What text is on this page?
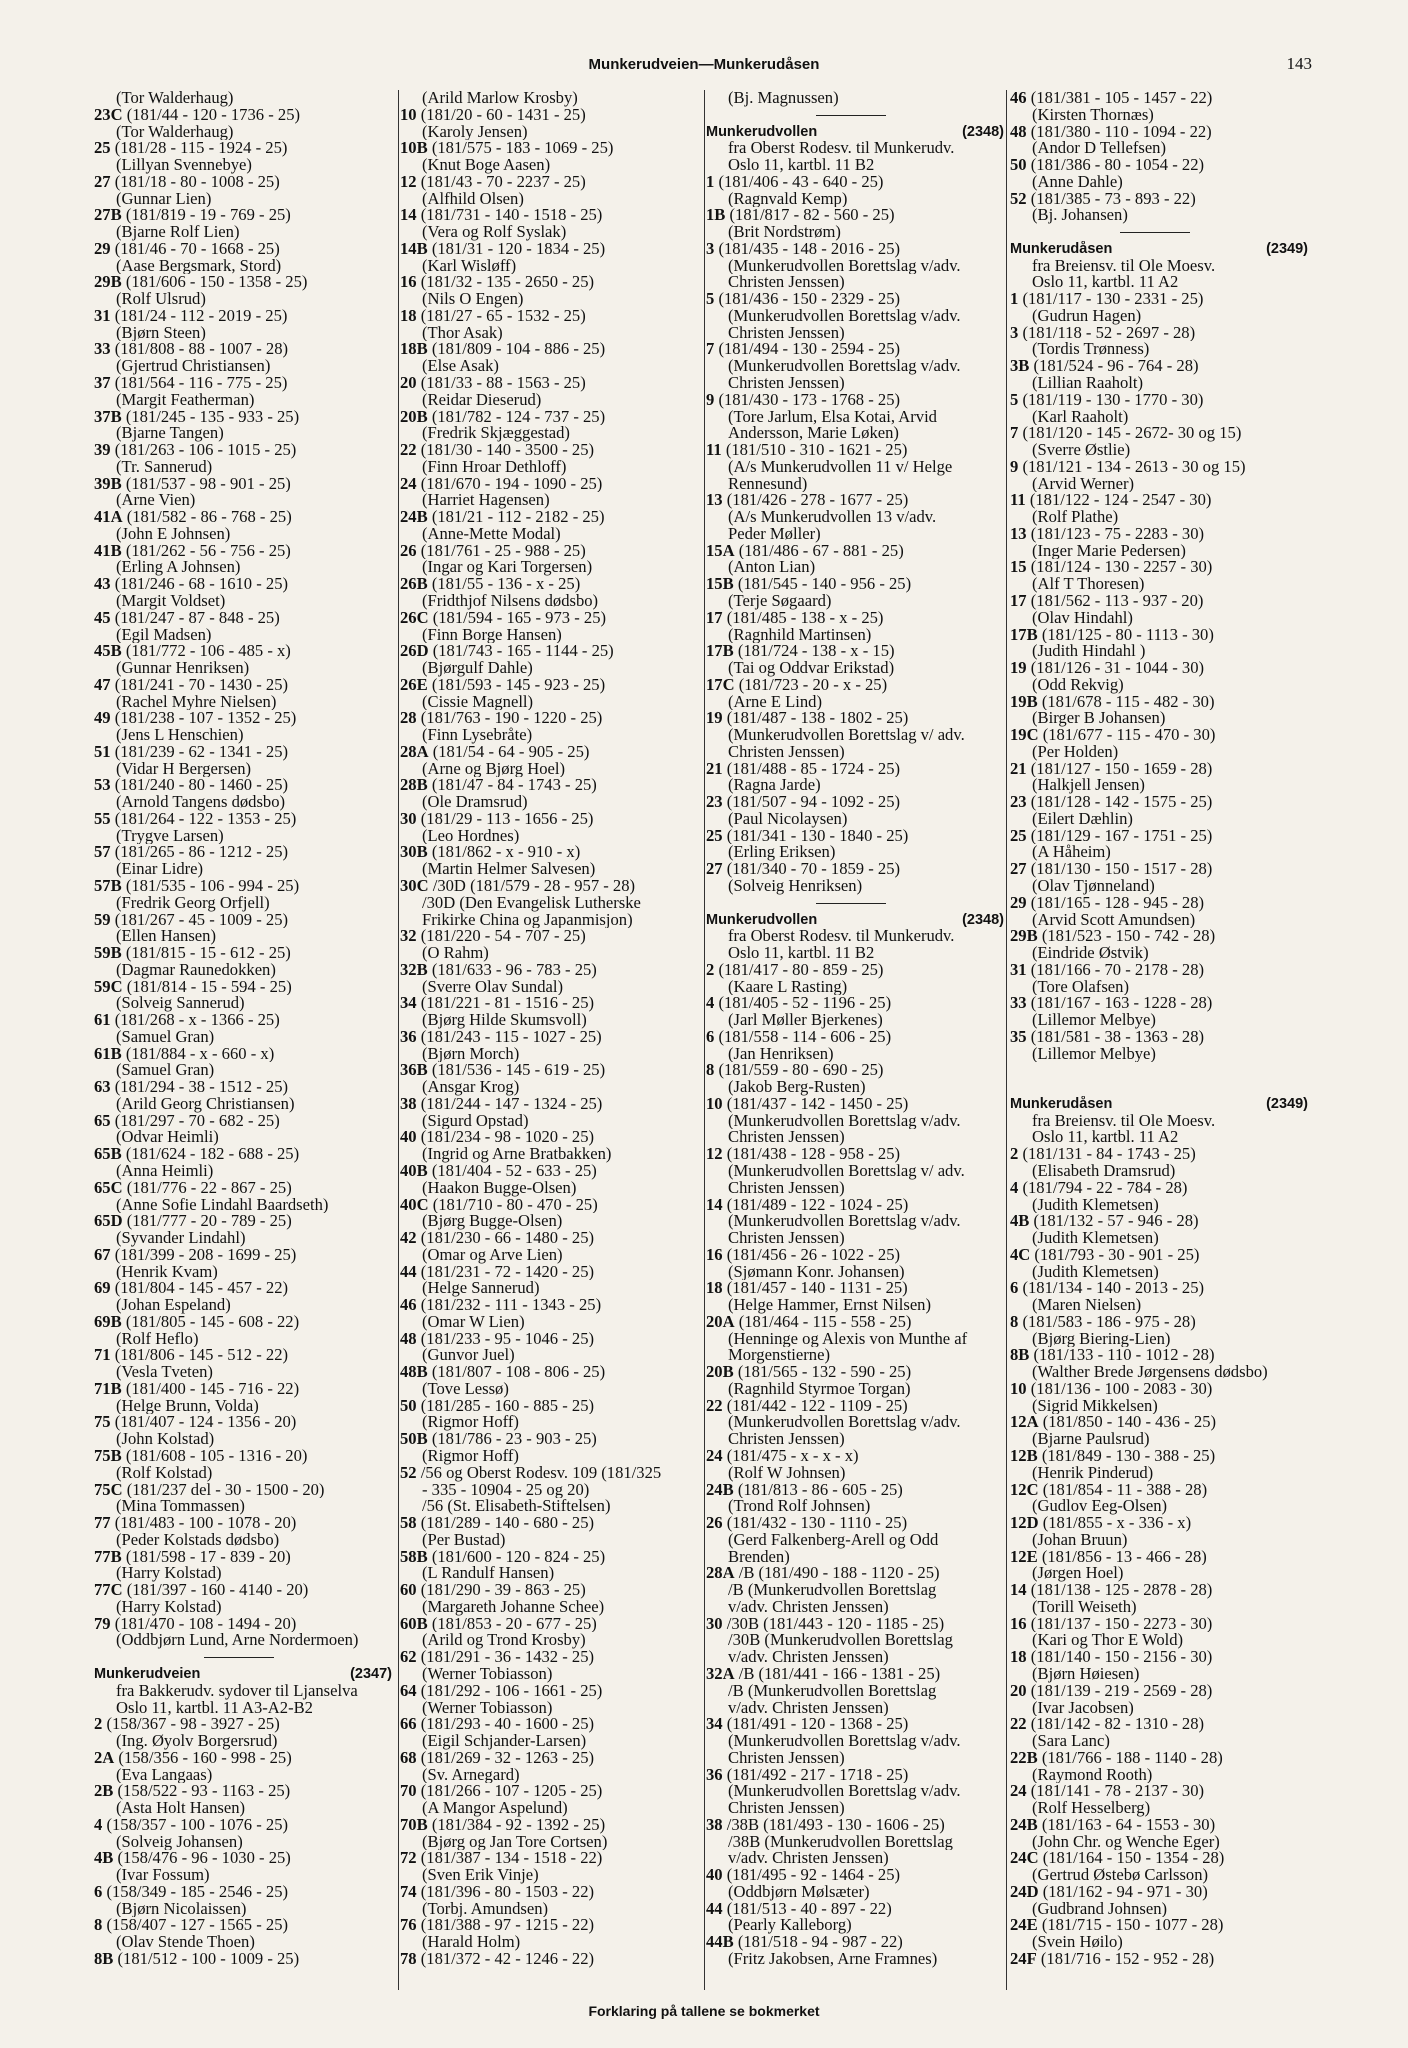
Munkerudveien—Munkerudåsen	143
(Tor Walderhaug)
23C (181/44 - 120 - 1736 - 25)
(Tor Walderhaug)
25 (181/28 - 115 - 1924 - 25)
(Lillyan Svennebye)
27 (181/18 - 80 - 1008 - 25)
(Gunnar Lien)
27B (181/819 - 19 - 769 - 25)
(Bjarne Rolf Lien)
29 (181/46 - 70 - 1668 - 25)
(Aase Bergsmark, Stord)
29B (181/606 - 150 - 1358 - 25)
(Rolf Ulsrud)
31 (181/24 - 112 - 2019 - 25)
(Bjørn Steen)
33 (181/808 - 88 - 1007 - 28)
(Gjertrud Christiansen)
37 (181/564 - 116 - 775 - 25)
(Margit Featherman)
37B (181/245 - 135 - 933 - 25)
(Bjarne Tangen)
39 (181/263 - 106 - 1015 - 25)
(Tr. Sannerud)
39B (181/537 - 98 - 901 - 25)
(Arne Vien)
41A (181/582 - 86 - 768 - 25)
(John E Johnsen)
41B (181/262 - 56 - 756 - 25)
(Erling A Johnsen)
43 (181/246 - 68 - 1610 - 25)
(Margit Voldset)
45 (181/247 - 87 - 848 - 25)
(Egil Madsen)
45B (181/772 - 106 - 485 - x)
(Gunnar Henriksen)
47 (181/241 - 70 - 1430 - 25)
(Rachel Myhre Nielsen)
49 (181/238 - 107 - 1352 - 25)
(Jens L Henschien)
51 (181/239 - 62 - 1341 - 25)
(Vidar H Bergersen)
53 (181/240 - 80 - 1460 - 25)
(Arnold Tangens dødsbo)
55 (181/264 - 122 - 1353 - 25)
(Trygve Larsen)
57 (181/265 - 86 - 1212 - 25)
(Einar Lidre)
57B (181/535 - 106 - 994 - 25)
(Fredrik Georg Orfjell)
59 (181/267 - 45 - 1009 - 25)
(Ellen Hansen)
59B (181/815 - 15 - 612 - 25)
(Dagmar Raunedokken)
59C (181/814 - 15 - 594 - 25)
(Solveig Sannerud)
61 (181/268 - x - 1366 - 25)
(Samuel Gran)
61B (181/884 - x - 660 - x)
(Samuel Gran)
63 (181/294 - 38 - 1512 - 25)
(Arild Georg Christiansen)
65 (181/297 - 70 - 682 - 25)
(Odvar Heimli)
65B (181/624 - 182 - 688 - 25)
(Anna Heimli)
65C (181/776 - 22 - 867 - 25)
(Anne Sofie Lindahl Baardseth)
65D (181/777 - 20 - 789 - 25)
(Syvander Lindahl)
67 (181/399 - 208 - 1699 - 25)
(Henrik Kvam)
69 (181/804 - 145 - 457 - 22)
(Johan Espeland)
69B (181/805 - 145 - 608 - 22)
(Rolf Heflo)
71 (181/806 - 145 - 512 - 22)
(Vesla Tveten)
71B (181/400 - 145 - 716 - 22)
(Helge Brunn, Volda)
75 (181/407 - 124 - 1356 - 20)
(John Kolstad)
75B (181/608 - 105 - 1316 - 20)
(Rolf Kolstad)
75C (181/237 del - 30 - 1500 - 20)
(Mina Tommassen)
77 (181/483 - 100 - 1078 - 20)
(Peder Kolstads dødsbo)
77B (181/598 - 17 - 839 - 20)
(Harry Kolstad)
77C (181/397 - 160 - 4140 - 20)
(Harry Kolstad)
79 (181/470 - 108 - 1494 - 20)
(Oddbjørn Lund, Arne Nordermoen)
Munkerudveien	(2347)
fra Bakkerudv. sydover til Ljanselva
Oslo 11, kartbl. 11 A3-A2-B2
2 (158/367 - 98 - 3927 - 25)
(Ing. Øyolv Borgersrud)
2A (158/356 - 160 - 998 - 25)
(Eva Langaas)
2B (158/522 - 93 - 1163 - 25)
(Asta Holt Hansen)
4 (158/357 - 100 - 1076 - 25)
(Solveig Johansen)
4B (158/476 - 96 - 1030 - 25)
(Ivar Fossum)
6 (158/349 - 185 - 2546 - 25)
(Bjørn Nicolaissen)
8 (158/407 - 127 - 1565 - 25)
(Olav Stende Thoen)
8B (181/512 - 100 - 1009 - 25)
(Arild Marlow Krosby)
10 (181/20 - 60 - 1431 - 25)
(Karoly Jensen)
10B (181/575 - 183 - 1069 - 25)
(Knut Boge Aasen)
12 (181/43 - 70 - 2237 - 25)
(Alfhild Olsen)
14 (181/731 - 140 - 1518 - 25)
(Vera og Rolf Syslak)
14B (181/31 - 120 - 1834 - 25)
(Karl Wisløff)
16 (181/32 - 135 - 2650 - 25)
(Nils O Engen)
18 (181/27 - 65 - 1532 - 25)
(Thor Asak)
18B (181/809 - 104 - 886 - 25)
(Else Asak)
20 (181/33 - 88 - 1563 - 25)
(Reidar Dieserud)
20B (181/782 - 124 - 737 - 25)
(Fredrik Skjæggestad)
22 (181/30 - 140 - 3500 - 25)
(Finn Hroar Dethloff)
24 (181/670 - 194 - 1090 - 25)
(Harriet Hagensen)
24B (181/21 - 112 - 2182 - 25)
(Anne-Mette Modal)
26 (181/761 - 25 - 988 - 25)
(Ingar og Kari Torgersen)
26B (181/55 - 136 - x - 25)
(Fridthjof Nilsens dødsbo)
26C (181/594 - 165 - 973 - 25)
(Finn Borge Hansen)
26D (181/743 - 165 - 1144 - 25)
(Bjørgulf Dahle)
26E (181/593 - 145 - 923 - 25)
(Cissie Magnell)
28 (181/763 - 190 - 1220 - 25)
(Finn Lysebråte)
28A (181/54 - 64 - 905 - 25)
(Arne og Bjørg Hoel)
28B (181/47 - 84 - 1743 - 25)
(Ole Dramsrud)
30 (181/29 - 113 - 1656 - 25)
(Leo Hordnes)
30B (181/862 - x - 910 - x)
(Martin Helmer Salvesen)
30C /30D (181/579 - 28 - 957 - 28)
/30D (Den Evangelisk Lutherske
Frikirke China og Japanmisjon)
32 (181/220 - 54 - 707 - 25)
(O Rahm)
32B (181/633 - 96 - 783 - 25)
(Sverre Olav Sundal)
34 (181/221 - 81 - 1516 - 25)
(Bjørg Hilde Skumsvoll)
36 (181/243 - 115 - 1027 - 25)
(Bjørn Morch)
36B (181/536 - 145 - 619 - 25)
(Ansgar Krog)
38 (181/244 - 147 - 1324 - 25)
(Sigurd Opstad)
40 (181/234 - 98 - 1020 - 25)
(Ingrid og Arne Bratbakken)
40B (181/404 - 52 - 633 - 25)
(Haakon Bugge-Olsen)
40C (181/710 - 80 - 470 - 25)
(Bjørg Bugge-Olsen)
42 (181/230 - 66 - 1480 - 25)
(Omar og Arve Lien)
44 (181/231 - 72 - 1420 - 25)
(Helge Sannerud)
46 (181/232 - 111 - 1343 - 25)
(Omar W Lien)
48 (181/233 - 95 - 1046 - 25)
(Gunvor Juel)
48B (181/807 - 108 - 806 - 25)
(Tove Lessø)
50 (181/285 - 160 - 885 - 25)
(Rigmor Hoff)
50B (181/786 - 23 - 903 - 25)
(Rigmor Hoff)
52 /56 og Oberst Rodesv. 109 (181/325
- 335 - 10904 - 25 og 20)
/56 (St. Elisabeth-Stiftelsen)
58 (181/289 - 140 - 680 - 25)
(Per Bustad)
58B (181/600 - 120 - 824 - 25)
(L Randulf Hansen)
60 (181/290 - 39 - 863 - 25)
(Margareth Johanne Schee)
60B (181/853 - 20 - 677 - 25)
(Arild og Trond Krosby)
62 (181/291 - 36 - 1432 - 25)
(Werner Tobiasson)
64 (181/292 - 106 - 1661 - 25)
(Werner Tobiasson)
66 (181/293 - 40 - 1600 - 25)
(Eigil Schjander-Larsen)
68 (181/269 - 32 - 1263 - 25)
(Sv. Arnegard)
70 (181/266 - 107 - 1205 - 25)
(A Mangor Aspelund)
70B (181/384 - 92 - 1392 - 25)
(Bjørg og Jan Tore Cortsen)
72 (181/387 - 134 - 1518 - 22)
(Sven Erik Vinje)
74 (181/396 - 80 - 1503 - 22)
(Torbj. Amundsen)
76 (181/388 - 97 - 1215 - 22)
(Harald Holm)
78 (181/372 - 42 - 1246 - 22)
(Bj. Magnussen)
Munkerudvollen	(2348)
fra Oberst Rodesv. til Munkerudv.
Oslo 11, kartbl. 11 B2
1 (181/406 - 43 - 640 - 25)
(Ragnvald Kemp)
1B (181/817 - 82 - 560 - 25)
(Brit Nordstrøm)
3 (181/435 - 148 - 2016 - 25)
(Munkerudvollen Borettslag v/adv.
Christen Jenssen)
5 (181/436 - 150 - 2329 - 25)
(Munkerudvollen Borettslag v/adv.
Christen Jenssen)
7 (181/494 - 130 - 2594 - 25)
(Munkerudvollen Borettslag v/adv.
Christen Jenssen)
9 (181/430 - 173 - 1768 - 25)
(Tore Jarlum, Elsa Kotai, Arvid
Andersson, Marie Løken)
11 (181/510 - 310 - 1621 - 25)
(A/s Munkerudvollen 11 v/ Helge
Rennesund)
13 (181/426 - 278 - 1677 - 25)
(A/s Munkerudvollen 13 v/adv.
Peder Møller)
15A (181/486 - 67 - 881 - 25)
(Anton Lian)
15B (181/545 - 140 - 956 - 25)
(Terje Søgaard)
17 (181/485 - 138 - x - 25)
(Ragnhild Martinsen)
17B (181/724 - 138 - x - 15)
(Tai og Oddvar Erikstad)
17C (181/723 - 20 - x - 25)
(Arne E Lind)
19 (181/487 - 138 - 1802 - 25)
(Munkerudvollen Borettslag v/ adv.
Christen Jenssen)
21 (181/488 - 85 - 1724 - 25)
(Ragna Jarde)
23 (181/507 - 94 - 1092 - 25)
(Paul Nicolaysen)
25 (181/341 - 130 - 1840 - 25)
(Erling Eriksen)
27 (181/340 - 70 - 1859 - 25)
(Solveig Henriksen)
Munkerudvollen	(2348)
fra Oberst Rodesv. til Munkerudv.
Oslo 11, kartbl. 11 B2
2 (181/417 - 80 - 859 - 25)
(Kaare L Rasting)
4 (181/405 - 52 - 1196 - 25)
(Jarl Møller Bjerkenes)
6 (181/558 - 114 - 606 - 25)
(Jan Henriksen)
8 (181/559 - 80 - 690 - 25)
(Jakob Berg-Rusten)
10 (181/437 - 142 - 1450 - 25)
(Munkerudvollen Borettslag v/adv.
Christen Jenssen)
12 (181/438 - 128 - 958 - 25)
(Munkerudvollen Borettslag v/ adv.
Christen Jenssen)
14 (181/489 - 122 - 1024 - 25)
(Munkerudvollen Borettslag v/adv.
Christen Jenssen)
16 (181/456 - 26 - 1022 - 25)
(Sjømann Konr. Johansen)
18 (181/457 - 140 - 1131 - 25)
(Helge Hammer, Ernst Nilsen)
20A (181/464 - 115 - 558 - 25)
(Henninge og Alexis von Munthe af
Morgenstierne)
20B (181/565 - 132 - 590 - 25)
(Ragnhild Styrmoe Torgan)
22 (181/442 - 122 - 1109 - 25)
(Munkerudvollen Borettslag v/adv.
Christen Jenssen)
24 (181/475 - x - x - x)
(Rolf W Johnsen)
24B (181/813 - 86 - 605 - 25)
(Trond Rolf Johnsen)
26 (181/432 - 130 - 1110 - 25)
(Gerd Falkenberg-Arell og Odd
Brenden)
28A /B (181/490 - 188 - 1120 - 25)
/B (Munkerudvollen Borettslag
v/adv. Christen Jenssen)
30 /30B (181/443 - 120 - 1185 - 25)
/30B (Munkerudvollen Borettslag
v/adv. Christen Jenssen)
32A /B (181/441 - 166 - 1381 - 25)
/B (Munkerudvollen Borettslag
v/adv. Christen Jenssen)
34 (181/491 - 120 - 1368 - 25)
(Munkerudvollen Borettslag v/adv.
Christen Jenssen)
36 (181/492 - 217 - 1718 - 25)
(Munkerudvollen Borettslag v/adv.
Christen Jenssen)
38 /38B (181/493 - 130 - 1606 - 25)
/38B (Munkerudvollen Borettslag
v/adv. Christen Jenssen)
40 (181/495 - 92 - 1464 - 25)
(Oddbjørn Mølsæter)
44 (181/513 - 40 - 897 - 22)
(Pearly Kalleborg)
44B (181/518 - 94 - 987 - 22)
(Fritz Jakobsen, Arne Framnes)
46 (181/381 - 105 - 1457 - 22)
(Kirsten Thornæs)
48 (181/380 - 110 - 1094 - 22)
(Andor D Tellefsen)
50 (181/386 - 80 - 1054 - 22)
(Anne Dahle)
52 (181/385 - 73 - 893 - 22)
(Bj. Johansen)
Munkerudåsen	(2349)
fra Breiensv. til Ole Moesv.
Oslo 11, kartbl. 11 A2
1 (181/117 - 130 - 2331 - 25)
(Gudrun Hagen)
3 (181/118 - 52 - 2697 - 28)
(Tordis Trønness)
3B (181/524 - 96 - 764 - 28)
(Lillian Raaholt)
5 (181/119 - 130 - 1770 - 30)
(Karl Raaholt)
7 (181/120 - 145 - 2672- 30 og 15)
(Sverre Østlie)
9 (181/121 - 134 - 2613 - 30 og 15)
(Arvid Werner)
11 (181/122 - 124 - 2547 - 30)
(Rolf Plathe)
13 (181/123 - 75 - 2283 - 30)
(Inger Marie Pedersen)
15 (181/124 - 130 - 2257 - 30)
(Alf T Thoresen)
17 (181/562 - 113 - 937 - 20)
(Olav Hindahl)
17B (181/125 - 80 - 1113 - 30)
(Judith Hindahl )
19 (181/126 - 31 - 1044 - 30)
(Odd Rekvig)
19B (181/678 - 115 - 482 - 30)
(Birger B Johansen)
19C (181/677 - 115 - 470 - 30)
(Per Holden)
21 (181/127 - 150 - 1659 - 28)
(Halkjell Jensen)
23 (181/128 - 142 - 1575 - 25)
(Eilert Dæhlin)
25 (181/129 - 167 - 1751 - 25)
(A Håheim)
27 (181/130 - 150 - 1517 - 28)
(Olav Tjønneland)
29 (181/165 - 128 - 945 - 28)
(Arvid Scott Amundsen)
29B (181/523 - 150 - 742 - 28)
(Eindride Østvik)
31 (181/166 - 70 - 2178 - 28)
(Tore Olafsen)
33 (181/167 - 163 - 1228 - 28)
(Lillemor Melbye)
35 (181/581 - 38 - 1363 - 28)
(Lillemor Melbye)
Munkerudåsen	(2349)
fra Breiensv. til Ole Moesv.
Oslo 11, kartbl. 11 A2
2 (181/131 - 84 - 1743 - 25)
(Elisabeth Dramsrud)
4 (181/794 - 22 - 784 - 28)
(Judith Klemetsen)
4B (181/132 - 57 - 946 - 28)
(Judith Klemetsen)
4C (181/793 - 30 - 901 - 25)
(Judith Klemetsen)
6 (181/134 - 140 - 2013 - 25)
(Maren Nielsen)
8 (181/583 - 186 - 975 - 28)
(Bjørg Biering-Lien)
8B (181/133 - 110 - 1012 - 28)
(Walther Brede Jørgensens dødsbo)
10 (181/136 - 100 - 2083 - 30)
(Sigrid Mikkelsen)
12A (181/850 - 140 - 436 - 25)
(Bjarne Paulsrud)
12B (181/849 - 130 - 388 - 25)
(Henrik Pinderud)
12C (181/854 - 11 - 388 - 28)
(Gudlov Eeg-Olsen)
12D (181/855 - x - 336 - x)
(Johan Bruun)
12E (181/856 - 13 - 466 - 28)
(Jørgen Hoel)
14 (181/138 - 125 - 2878 - 28)
(Torill Weiseth)
16 (181/137 - 150 - 2273 - 30)
(Kari og Thor E Wold)
18 (181/140 - 150 - 2156 - 30)
(Bjørn Høiesen)
20 (181/139 - 219 - 2569 - 28)
(Ivar Jacobsen)
22 (181/142 - 82 - 1310 - 28)
(Sara Lanc)
22B (181/766 - 188 - 1140 - 28)
(Raymond Rooth)
24 (181/141 - 78 - 2137 - 30)
(Rolf Hesselberg)
24B (181/163 - 64 - 1553 - 30)
(John Chr. og Wenche Eger)
24C (181/164 - 150 - 1354 - 28)
(Gertrud Østebø Carlsson)
24D (181/162 - 94 - 971 - 30)
(Gudbrand Johnsen)
24E (181/715 - 150 - 1077 - 28)
(Svein Høilo)
24F (181/716 - 152 - 952 - 28)
Forklaring på tallene se bokmerket
